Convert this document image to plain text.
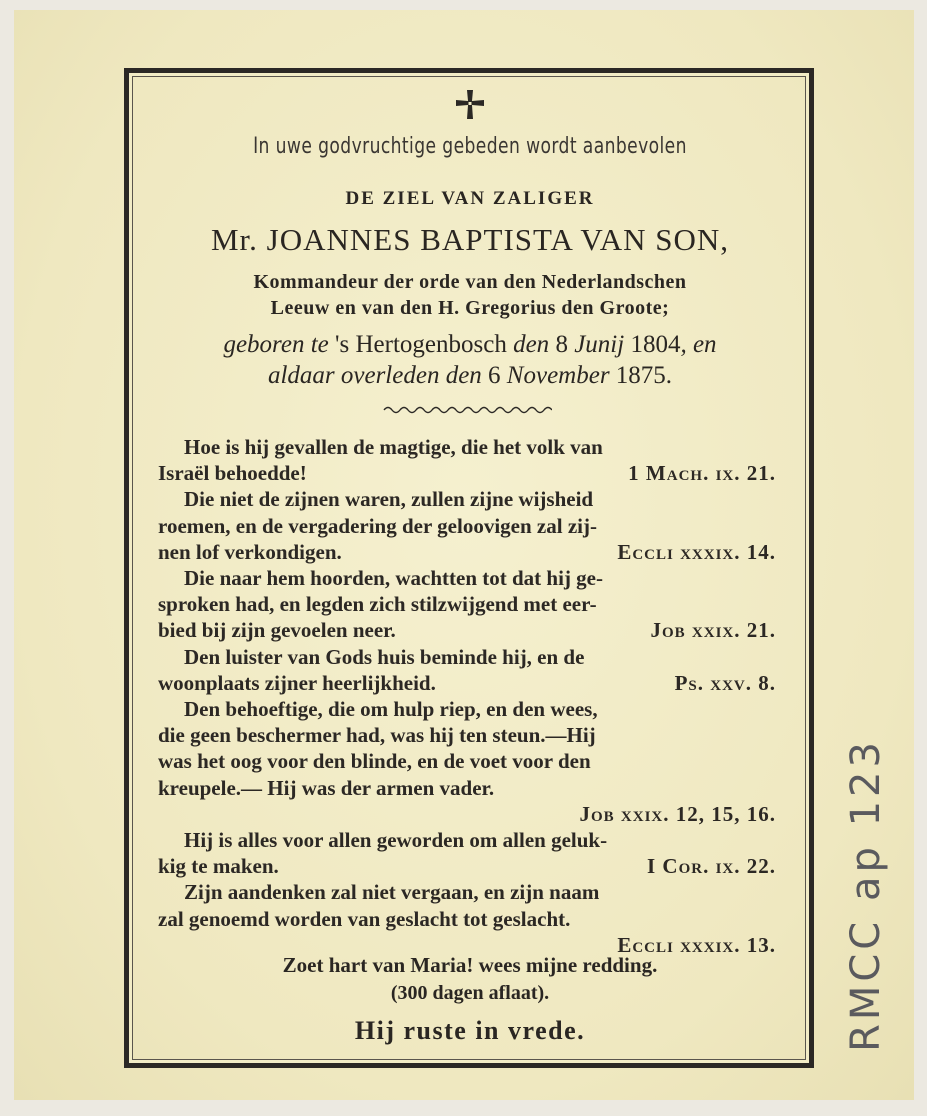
In uwe godvruchtige gebeden wordt aanbevolen
DE ZIEL VAN ZALIGER
Mr. JOANNES BAPTISTA VAN SON,
Kommandeur der orde van den Nederlandschen
Leeuw en van den H. Gregorius den Groote;
geboren te 's Hertogenbosch den 8 Junij 1804, en
aldaar overleden den 6 November 1875.
Hoe is hij gevallen de magtige, die het volk van
Israël behoedde!	1 Mach. ix. 21.
Die niet de zijnen waren, zullen zijne wijsheid
roemen, en de vergadering der geloovigen zal zij-
nen lof verkondigen.	Eccli xxxix. 14.
Die naar hem hoorden, wachtten tot dat hij ge-
sproken had, en legden zich stilzwijgend met eer-
bied bij zijn gevoelen neer.	Job xxix. 21.
Den luister van Gods huis beminde hij, en de
woonplaats zijner heerlijkheid.	Ps. xxv. 8.
Den behoeftige, die om hulp riep, en den wees,
die geen beschermer had, was hij ten steun.—Hij
was het oog voor den blinde, en de voet voor den
kreupele.— Hij was der armen vader.
Job xxix. 12, 15, 16.
Hij is alles voor allen geworden om allen geluk-
kig te maken.	I Cor. ix. 22.
Zijn aandenken zal niet vergaan, en zijn naam
zal genoemd worden van geslacht tot geslacht.
Eccli xxxix. 13.
Zoet hart van Maria! wees mijne redding.
(300 dagen aflaat).
Hij ruste in vrede.	RMCC ap 123
